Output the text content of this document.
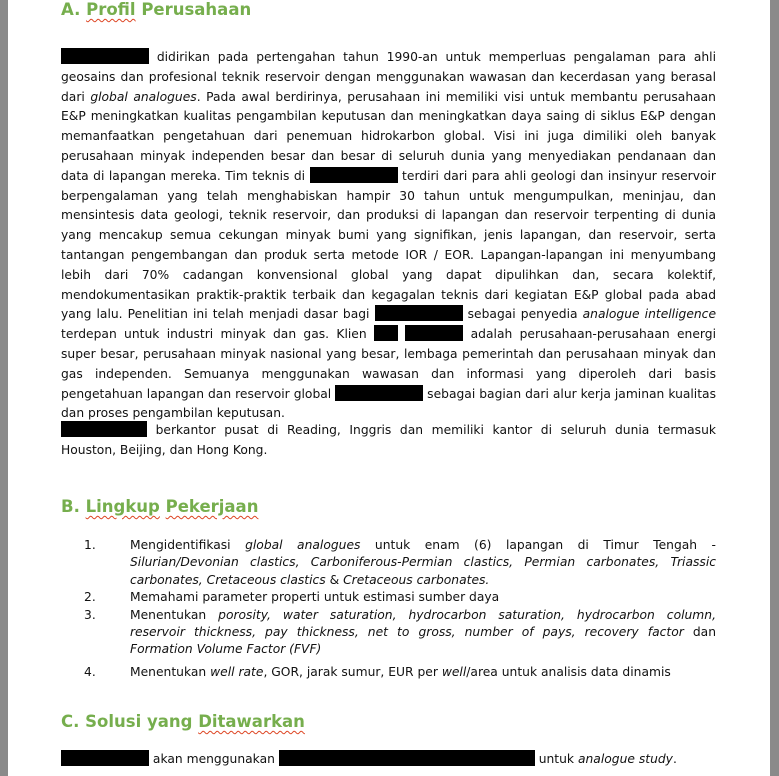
A. Profil Perusahaan

didirikan pada pertengahan tahun 1990-an untuk memperluas pengalaman para ahli geosains dan profesional teknik reservoir dengan menggunakan wawasan dan kecerdasan yang berasal dari global analogues. Pada awal berdirinya, perusahaan ini memiliki visi untuk membantu perusahaan E&P meningkatkan kualitas pengambilan keputusan dan meningkatkan daya saing di siklus E&P dengan memanfaatkan pengetahuan dari penemuan hidrokarbon global. Visi ini juga dimiliki oleh banyak perusahaan minyak independen besar dan besar di seluruh dunia yang menyediakan pendanaan dan data di lapangan mereka. Tim teknis di	terdiri dari para ahli geologi dan insinyur reservoir berpengalaman yang telah menghabiskan hampir 30 tahun untuk mengumpulkan, meninjau, dan mensintesis data geologi, teknik reservoir, dan produksi di lapangan dan reservoir terpenting di dunia yang mencakup semua cekungan minyak bumi yang signifikan, jenis lapangan, dan reservoir, serta tantangan pengembangan dan produk serta metode IOR / EOR. Lapangan-lapangan ini menyumbang lebih dari 70% cadangan konvensional global yang dapat dipulihkan dan, secara kolektif, mendokumentasikan praktik-praktik terbaik dan kegagalan teknis dari kegiatan E&P global pada abad yang lalu. Penelitian ini telah menjadi dasar bagi	sebagai penyedia analogue intelligence terdepan untuk industri minyak dan gas. Klien	adalah perusahaan-perusahaan energi super besar, perusahaan minyak nasional yang besar, lembaga pemerintah dan perusahaan minyak dan gas independen. Semuanya menggunakan wawasan dan informasi yang diperoleh dari basis pengetahuan lapangan dan reservoir global	sebagai bagian dari alur kerja jaminan kualitas dan proses pengambilan keputusan.

berkantor pusat di Reading, Inggris dan memiliki kantor di seluruh dunia termasuk Houston, Beijing, dan Hong Kong.

B. Lingkup Pekerjaan
1.	Mengidentifikasi global analogues untuk enam (6) lapangan di Timur Tengah - Silurian/Devonian clastics, Carboniferous-Permian clastics, Permian carbonates, Triassic carbonates, Cretaceous clastics & Cretaceous carbonates.
2.	Memahami parameter properti untuk estimasi sumber daya
3.	Menentukan porosity, water saturation, hydrocarbon saturation, hydrocarbon column, reservoir thickness, pay thickness, net to gross, number of pays, recovery factor dan Formation Volume Factor (FVF)
4.	Menentukan well rate, GOR, jarak sumur, EUR per well/area untuk analisis data dinamis
C. Solusi yang Ditawarkan

akan menggunakan	untuk analogue study.
